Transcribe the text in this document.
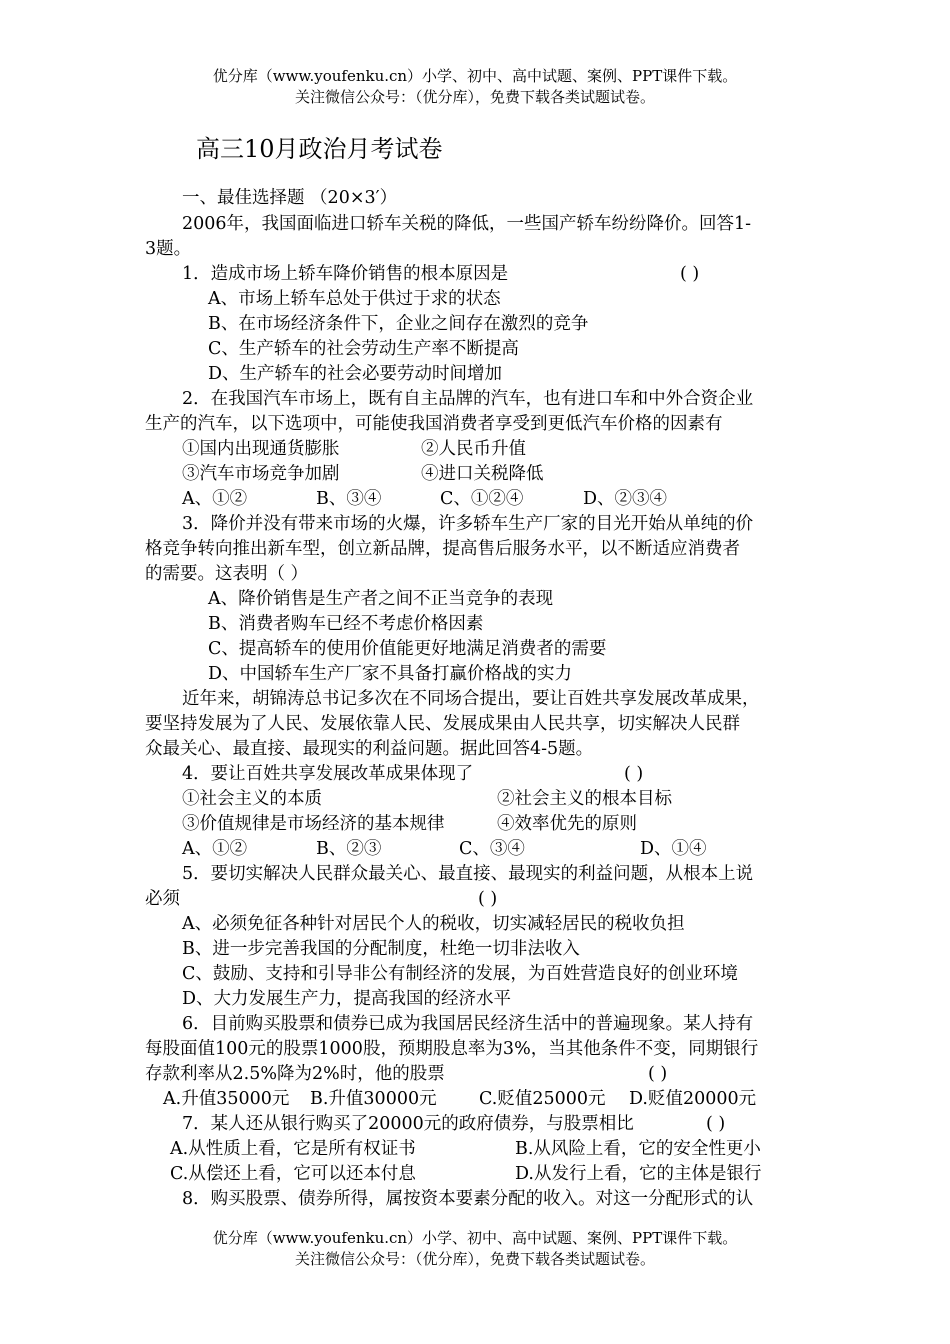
优分库（www.youfenku.cn）小学、初中、高中试题、案例、PPT课件下载。
关注微信公众号：（优分库），免费下载各类试题试卷。
高三10月政治月考试卷
一、最佳选择题 （20×3′）
2006年，我国面临进口轿车关税的降低，一些国产轿车纷纷降价。回答1-
3题。
1．造成市场上轿车降价销售的根本原因是	( )
A、市场上轿车总处于供过于求的状态
B、在市场经济条件下，企业之间存在激烈的竞争
C、生产轿车的社会劳动生产率不断提高
D、生产轿车的社会必要劳动时间增加
2．在我国汽车市场上，既有自主品牌的汽车，也有进口车和中外合资企业
生产的汽车，以下选项中，可能使我国消费者享受到更低汽车价格的因素有
①国内出现通货膨胀	②人民币升值
③汽车市场竞争加剧	④进口关税降低
A、①②	B、③④	C、①②④	D、②③④
3．降价并没有带来市场的火爆，许多轿车生产厂家的目光开始从单纯的价
格竞争转向推出新车型，创立新品牌，提高售后服务水平，以不断适应消费者
的需要。这表明（ ）
A、降价销售是生产者之间不正当竞争的表现
B、消费者购车已经不考虑价格因素
C、提高轿车的使用价值能更好地满足消费者的需要
D、中国轿车生产厂家不具备打赢价格战的实力
近年来，胡锦涛总书记多次在不同场合提出，要让百姓共享发展改革成果，
要坚持发展为了人民、发展依靠人民、发展成果由人民共享，切实解决人民群
众最关心、最直接、最现实的利益问题。据此回答4-5题。
4．要让百姓共享发展改革成果体现了	( )
①社会主义的本质	②社会主义的根本目标
③价值规律是市场经济的基本规律	④效率优先的原则
A、①②	B、②③	C、③④	D、①④
5．要切实解决人民群众最关心、最直接、最现实的利益问题，从根本上说
必须	( )
A、必须免征各种针对居民个人的税收，切实减轻居民的税收负担
B、进一步完善我国的分配制度，杜绝一切非法收入
C、鼓励、支持和引导非公有制经济的发展，为百姓营造良好的创业环境
D、大力发展生产力，提高我国的经济水平
6．目前购买股票和债券已成为我国居民经济生活中的普遍现象。某人持有
每股面值100元的股票1000股，预期股息率为3%，当其他条件不变，同期银行
存款利率从2.5%降为2%时，他的股票	( )
A.升值35000元 B.升值30000元 C.贬值25000元 D.贬值20000元
7．某人还从银行购买了20000元的政府债券，与股票相比	( )
A.从性质上看，它是所有权证书	B.从风险上看，它的安全性更小
C.从偿还上看，它可以还本付息	D.从发行上看，它的主体是银行
8．购买股票、债券所得，属按资本要素分配的收入。对这一分配形式的认
优分库（www.youfenku.cn）小学、初中、高中试题、案例、PPT课件下载。
关注微信公众号：（优分库），免费下载各类试题试卷。
